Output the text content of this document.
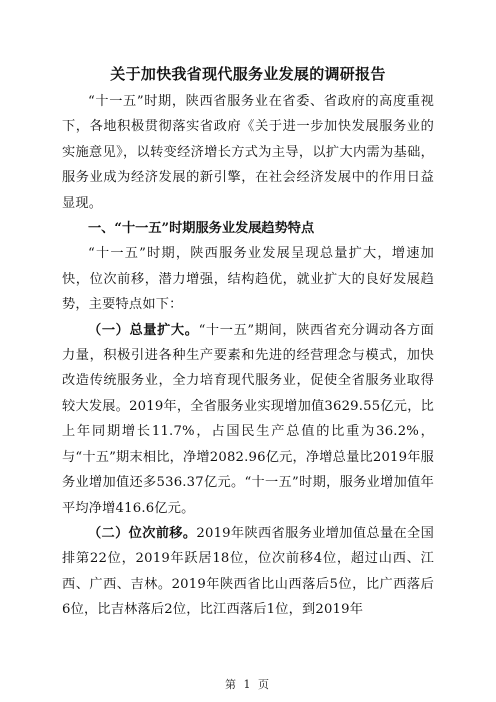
关于加快我省现代服务业发展的调研报告

“十一五”时期，陕西省服务业在省委、省政府的高度重视下，各地积极贯彻落实省政府《关于进一步加快发展服务业的实施意见》，以转变经济增长方式为主导，以扩大内需为基础，服务业成为经济发展的新引擎，在社会经济发展中的作用日益显现。

一、“十一五”时期服务业发展趋势特点

“十一五”时期，陕西服务业发展呈现总量扩大，增速加快，位次前移，潜力增强，结构趋优，就业扩大的良好发展趋势，主要特点如下：

（一）总量扩大。“十一五”期间，陕西省充分调动各方面力量，积极引进各种生产要素和先进的经营理念与模式，加快改造传统服务业，全力培育现代服务业，促使全省服务业取得较大发展。2019年，全省服务业实现增加值3629.55亿元，比上年同期增长11.7%，占国民生产总值的比重为36.2%，与“十五”期末相比，净增2082.96亿元，净增总量比2019年服务业增加值还多536.37亿元。“十一五”时期，服务业增加值年平均净增416.6亿元。

（二）位次前移。2019年陕西省服务业增加值总量在全国排第22位，2019年跃居18位，位次前移4位，超过山西、江西、广西、吉林。2019年陕西省比山西落后5位，比广西落后6位，比吉林落后2位，比江西落后1位，到2019年

第 1 页
